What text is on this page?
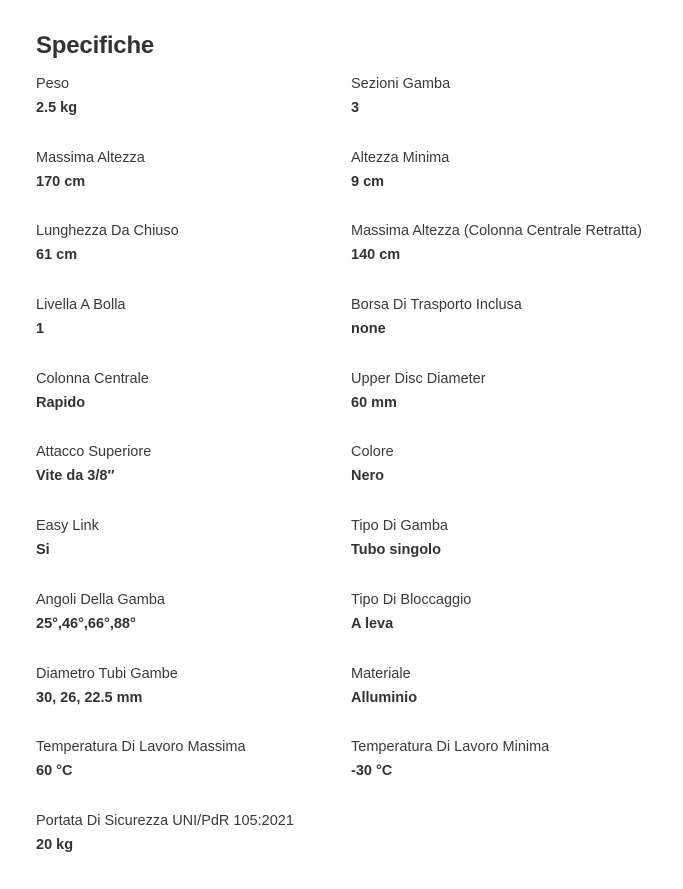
Specifiche
Peso
2.5 kg
Sezioni Gamba
3
Massima Altezza
170 cm
Altezza Minima
9 cm
Lunghezza Da Chiuso
61 cm
Massima Altezza (Colonna Centrale Retratta)
140 cm
Livella A Bolla
1
Borsa Di Trasporto Inclusa
none
Colonna Centrale
Rapido
Upper Disc Diameter
60 mm
Attacco Superiore
Vite da 3/8″
Colore
Nero
Easy Link
Si
Tipo Di Gamba
Tubo singolo
Angoli Della Gamba
25°,46°,66°,88°
Tipo Di Bloccaggio
A leva
Diametro Tubi Gambe
30, 26, 22.5 mm
Materiale
Alluminio
Temperatura Di Lavoro Massima
60 °C
Temperatura Di Lavoro Minima
-30 °C
Portata Di Sicurezza UNI/PdR 105:2021
20 kg
